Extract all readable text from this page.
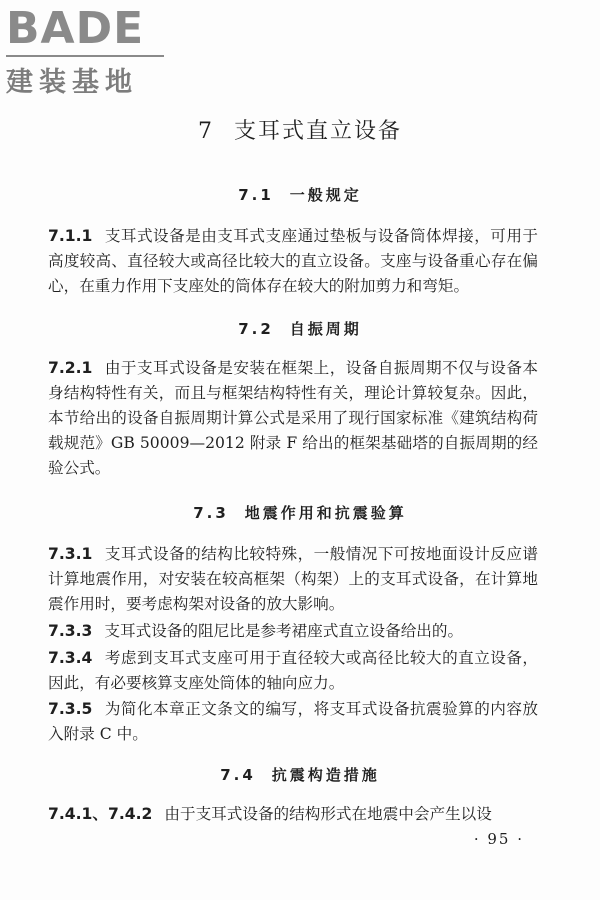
BADE
建装基地
7 支耳式直立设备
7.1 一般规定
7.1.1 支耳式设备是由支耳式支座通过垫板与设备筒体焊接，可用于高度较高、直径较大或高径比较大的直立设备。支座与设备重心存在偏心，在重力作用下支座处的筒体存在较大的附加剪力和弯矩。
7.2 自振周期
7.2.1 由于支耳式设备是安装在框架上，设备自振周期不仅与设备本身结构特性有关，而且与框架结构特性有关，理论计算较复杂。因此，本节给出的设备自振周期计算公式是采用了现行国家标准《建筑结构荷载规范》GB 50009—2012 附录 F 给出的框架基础塔的自振周期的经验公式。
7.3 地震作用和抗震验算
7.3.1 支耳式设备的结构比较特殊，一般情况下可按地面设计反应谱计算地震作用，对安装在较高框架（构架）上的支耳式设备，在计算地震作用时，要考虑构架对设备的放大影响。
7.3.3 支耳式设备的阻尼比是参考裙座式直立设备给出的。
7.3.4 考虑到支耳式支座可用于直径较大或高径比较大的直立设备，因此，有必要核算支座处筒体的轴向应力。
7.3.5 为简化本章正文条文的编写，将支耳式设备抗震验算的内容放入附录 C 中。
7.4 抗震构造措施
7.4.1、7.4.2 由于支耳式设备的结构形式在地震中会产生以设
· 95 ·
